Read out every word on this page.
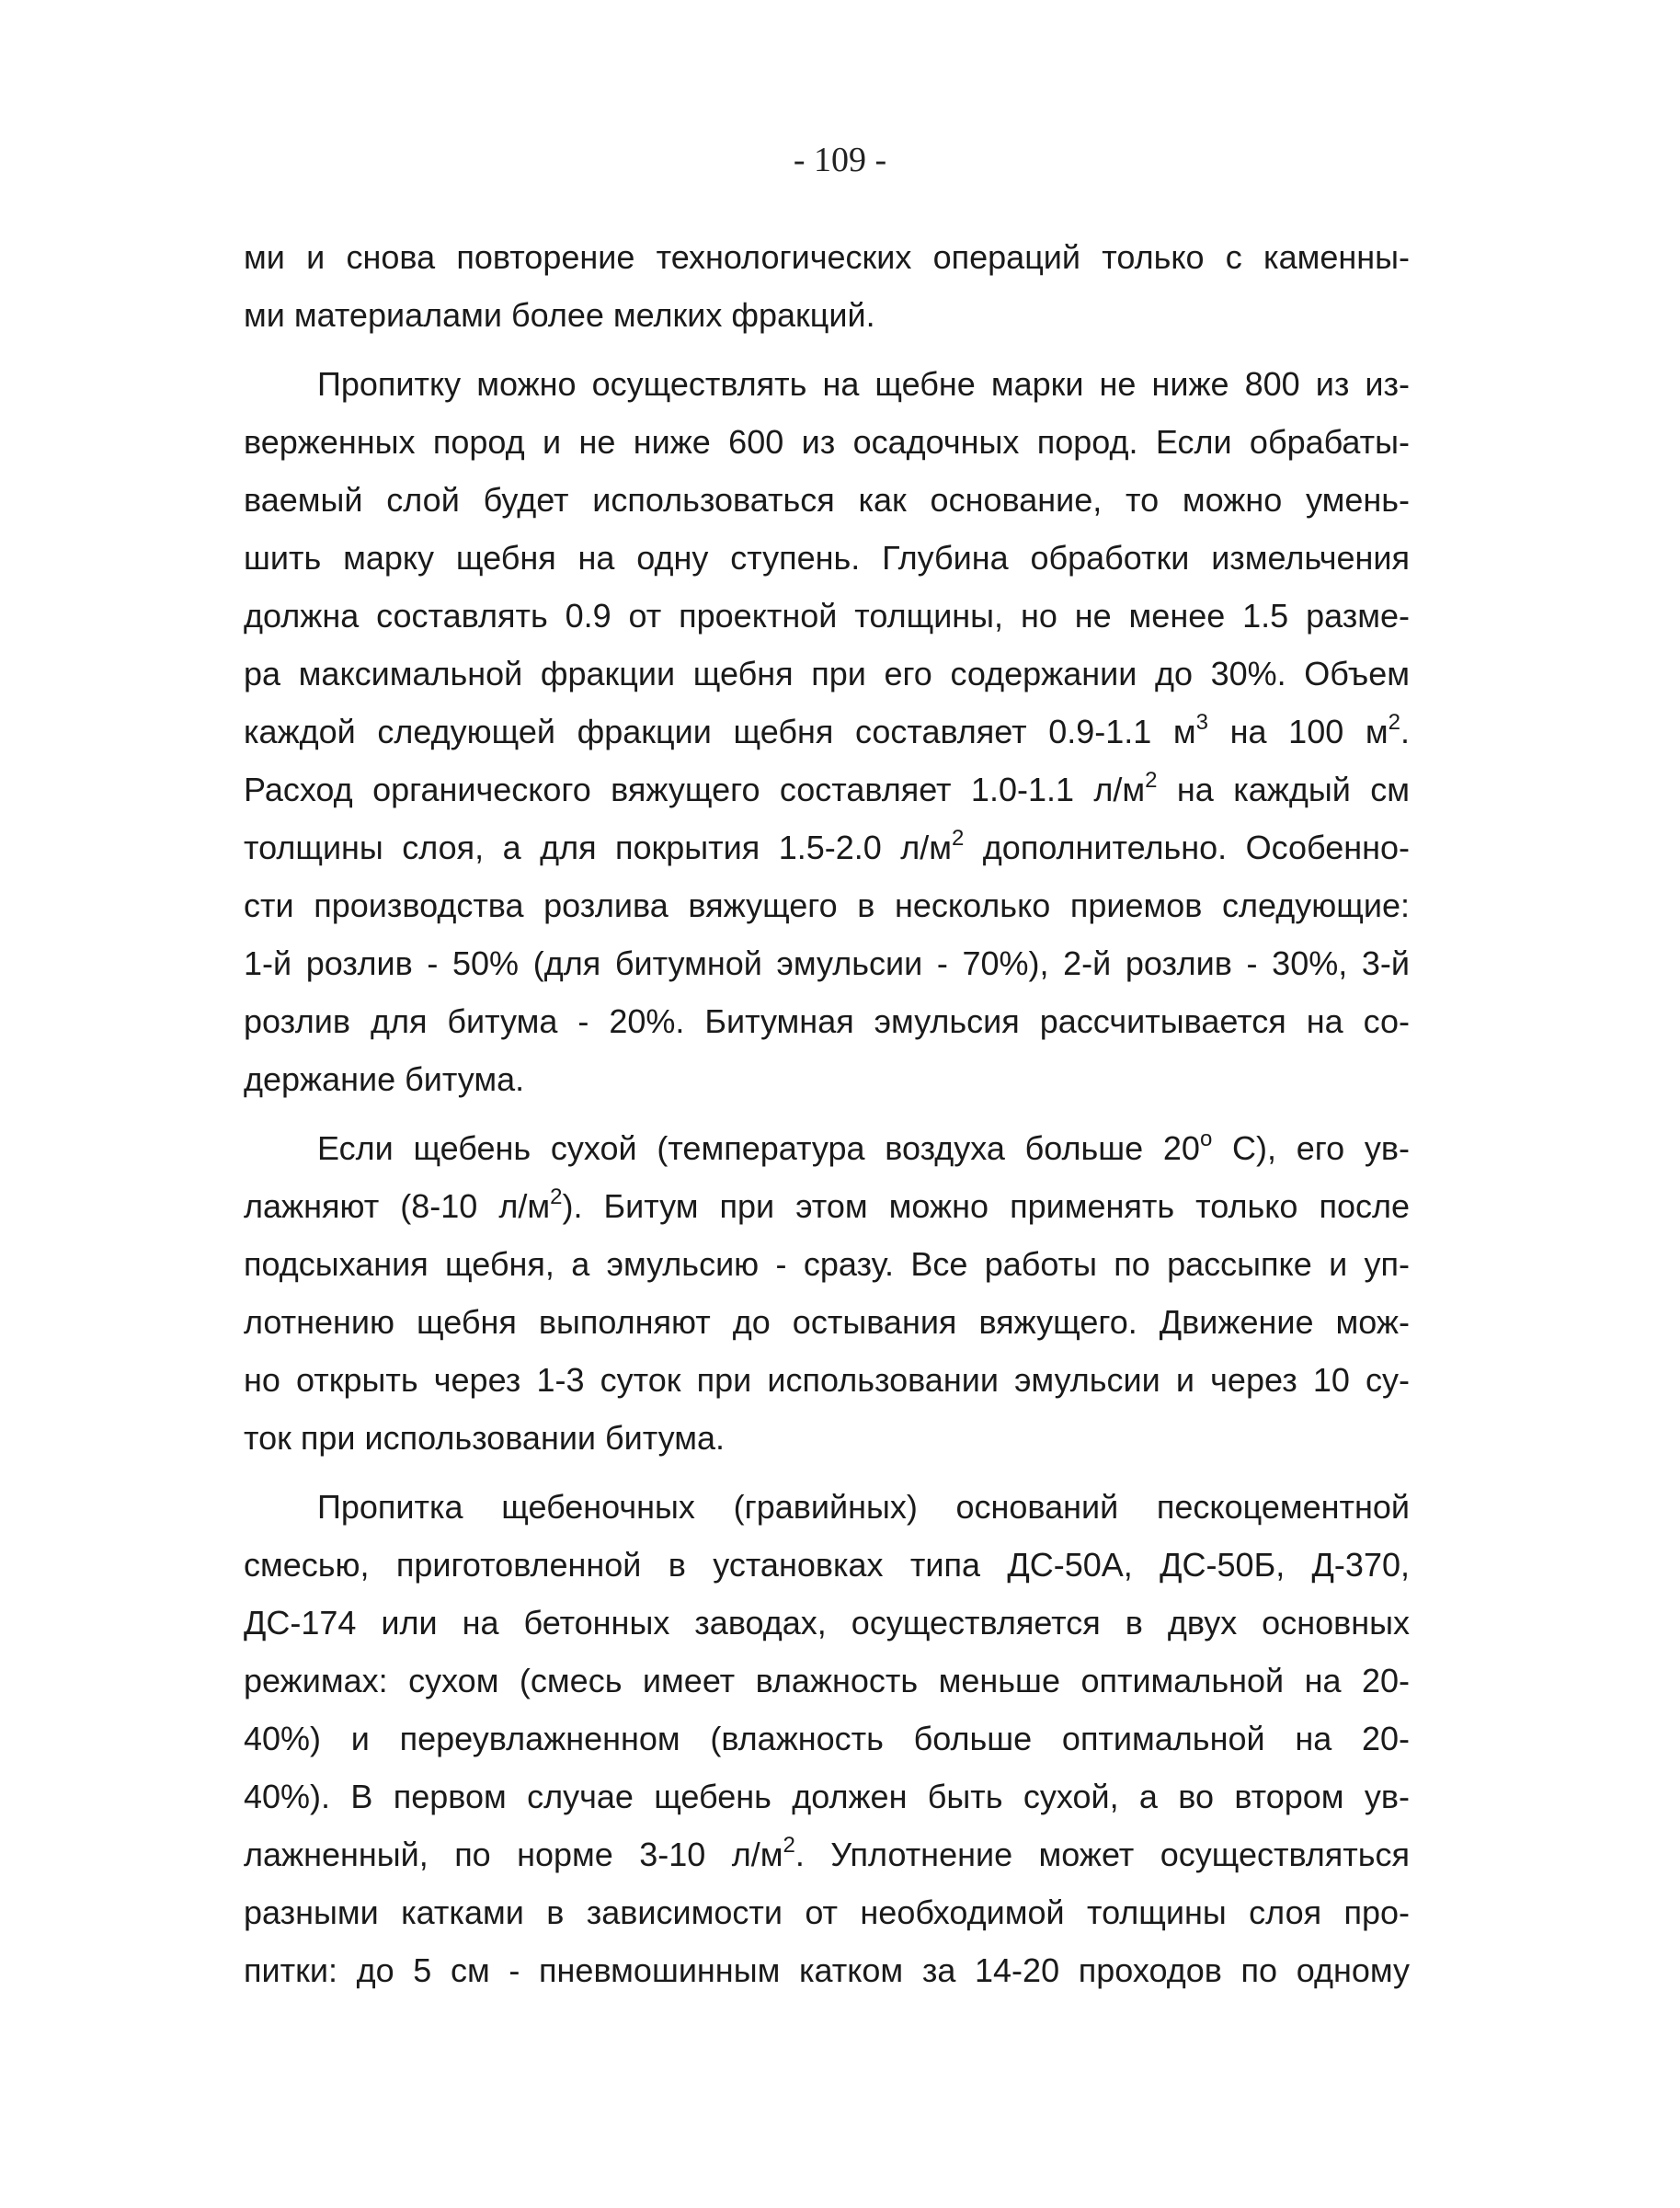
- 109 -
ми и снова повторение технологических операций только с каменны-
ми материалами более мелких фракций.
Пропитку можно осуществлять на щебне марки не ниже 800 из из-
верженных пород и не ниже 600 из осадочных пород. Если обрабаты-
ваемый слой будет использоваться как основание, то можно умень-
шить марку щебня на одну ступень. Глубина обработки измельчения
должна составлять 0.9 от проектной толщины, но не менее 1.5 разме-
ра максимальной фракции щебня при его содержании до 30%. Объем
каждой следующей фракции щебня составляет 0.9-1.1 $м^3$ на 100 $м^2$.
Расход органического вяжущего составляет 1.0-1.1 $л/м^2$ на каждый см
толщины слоя, а для покрытия 1.5-2.0 $л/м^2$ дополнительно. Особенно-
сти производства розлива вяжущего в несколько приемов следующие:
1-й розлив - 50% (для битумной эмульсии - 70%), 2-й розлив - 30%, 3-й
розлив для битума - 20%. Битумная эмульсия рассчитывается на со-
держание битума.
Если щебень сухой (температура воздуха больше $20^о$ С), его ув-
лажняют (8-10 $л/м^2$). Битум при этом можно применять только после
подсыхания щебня, а эмульсию - сразу. Все работы по рассыпке и уп-
лотнению щебня выполняют до остывания вяжущего. Движение мож-
но открыть через 1-3 суток при использовании эмульсии и через 10 су-
ток при использовании битума.
Пропитка щебеночных (гравийных) оснований пескоцементной
смесью, приготовленной в установках типа ДС-50А, ДС-50Б, Д-370,
ДС-174 или на бетонных заводах, осуществляется в двух основных
режимах: сухом (смесь имеет влажность меньше оптимальной на 20-
40%) и переувлажненном (влажность больше оптимальной на 20-
40%). В первом случае щебень должен быть сухой, а во втором ув-
лажненный, по норме 3-10 $л/м^2$. Уплотнение может осуществляться
разными катками в зависимости от необходимой толщины слоя про-
питки: до 5 см - пневмошинным катком за 14-20 проходов по одному
